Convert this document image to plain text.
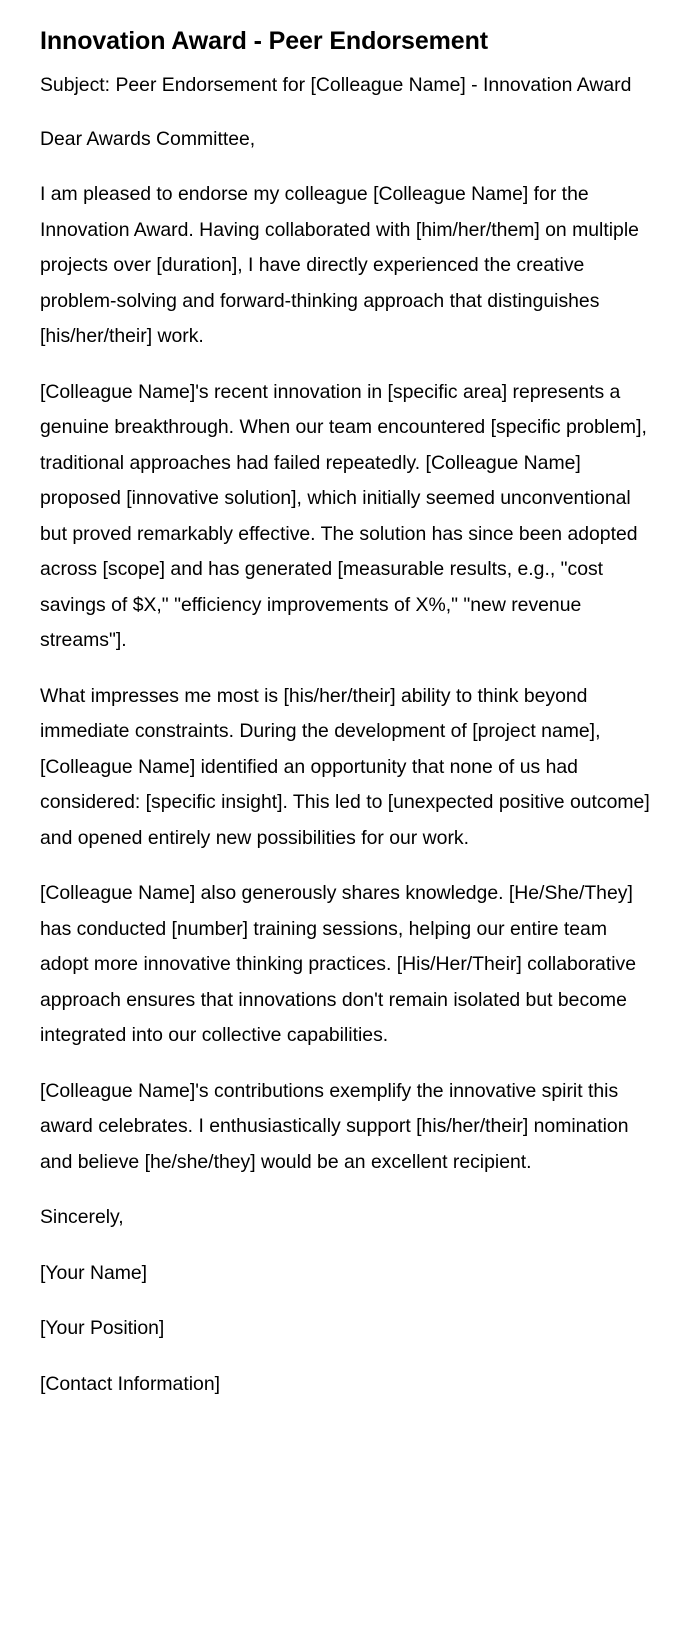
Innovation Award - Peer Endorsement

Subject: Peer Endorsement for [Colleague Name] - Innovation Award

Dear Awards Committee,

I am pleased to endorse my colleague [Colleague Name] for the Innovation Award. Having collaborated with [him/her/them] on multiple projects over [duration], I have directly experienced the creative problem-solving and forward-thinking approach that distinguishes [his/her/their] work.

[Colleague Name]'s recent innovation in [specific area] represents a genuine breakthrough. When our team encountered [specific problem], traditional approaches had failed repeatedly. [Colleague Name] proposed [innovative solution], which initially seemed unconventional but proved remarkably effective. The solution has since been adopted across [scope] and has generated [measurable results, e.g., "cost savings of $X," "efficiency improvements of X%," "new revenue streams"].

What impresses me most is [his/her/their] ability to think beyond immediate constraints. During the development of [project name], [Colleague Name] identified an opportunity that none of us had considered: [specific insight]. This led to [unexpected positive outcome] and opened entirely new possibilities for our work.

[Colleague Name] also generously shares knowledge. [He/She/They] has conducted [number] training sessions, helping our entire team adopt more innovative thinking practices. [His/Her/Their] collaborative approach ensures that innovations don't remain isolated but become integrated into our collective capabilities.

[Colleague Name]'s contributions exemplify the innovative spirit this award celebrates. I enthusiastically support [his/her/their] nomination and believe [he/she/they] would be an excellent recipient.

Sincerely,

[Your Name]

[Your Position]

[Contact Information]
